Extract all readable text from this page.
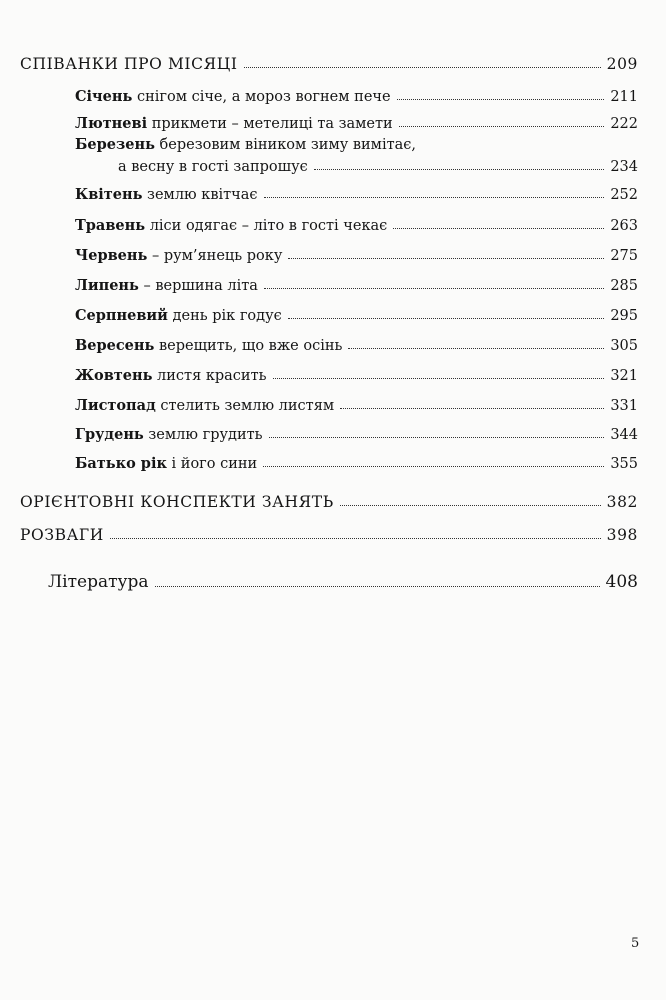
СПІВАНКИ ПРО МІСЯЦІ	209
Січень снігом січе, а мороз вогнем пече	211
Лютневі прикмети – метелиці та замети	222
Березень березовим віником зиму вимітає,
а весну в гості запрошує	234
Квітень землю квітчає	252
Травень ліси одягає – літо в гості чекає	263
Червень – рум’янець року	275
Липень – вершина літа	285
Серпневий день рік годує	295
Вересень верещить, що вже осінь	305
Жовтень листя красить	321
Листопад стелить землю листям	331
Грудень землю грудить	344
Батько рік і його сини	355
ОРІЄНТОВНІ КОНСПЕКТИ ЗАНЯТЬ	382
РОЗВАГИ	398
Література	408
5
